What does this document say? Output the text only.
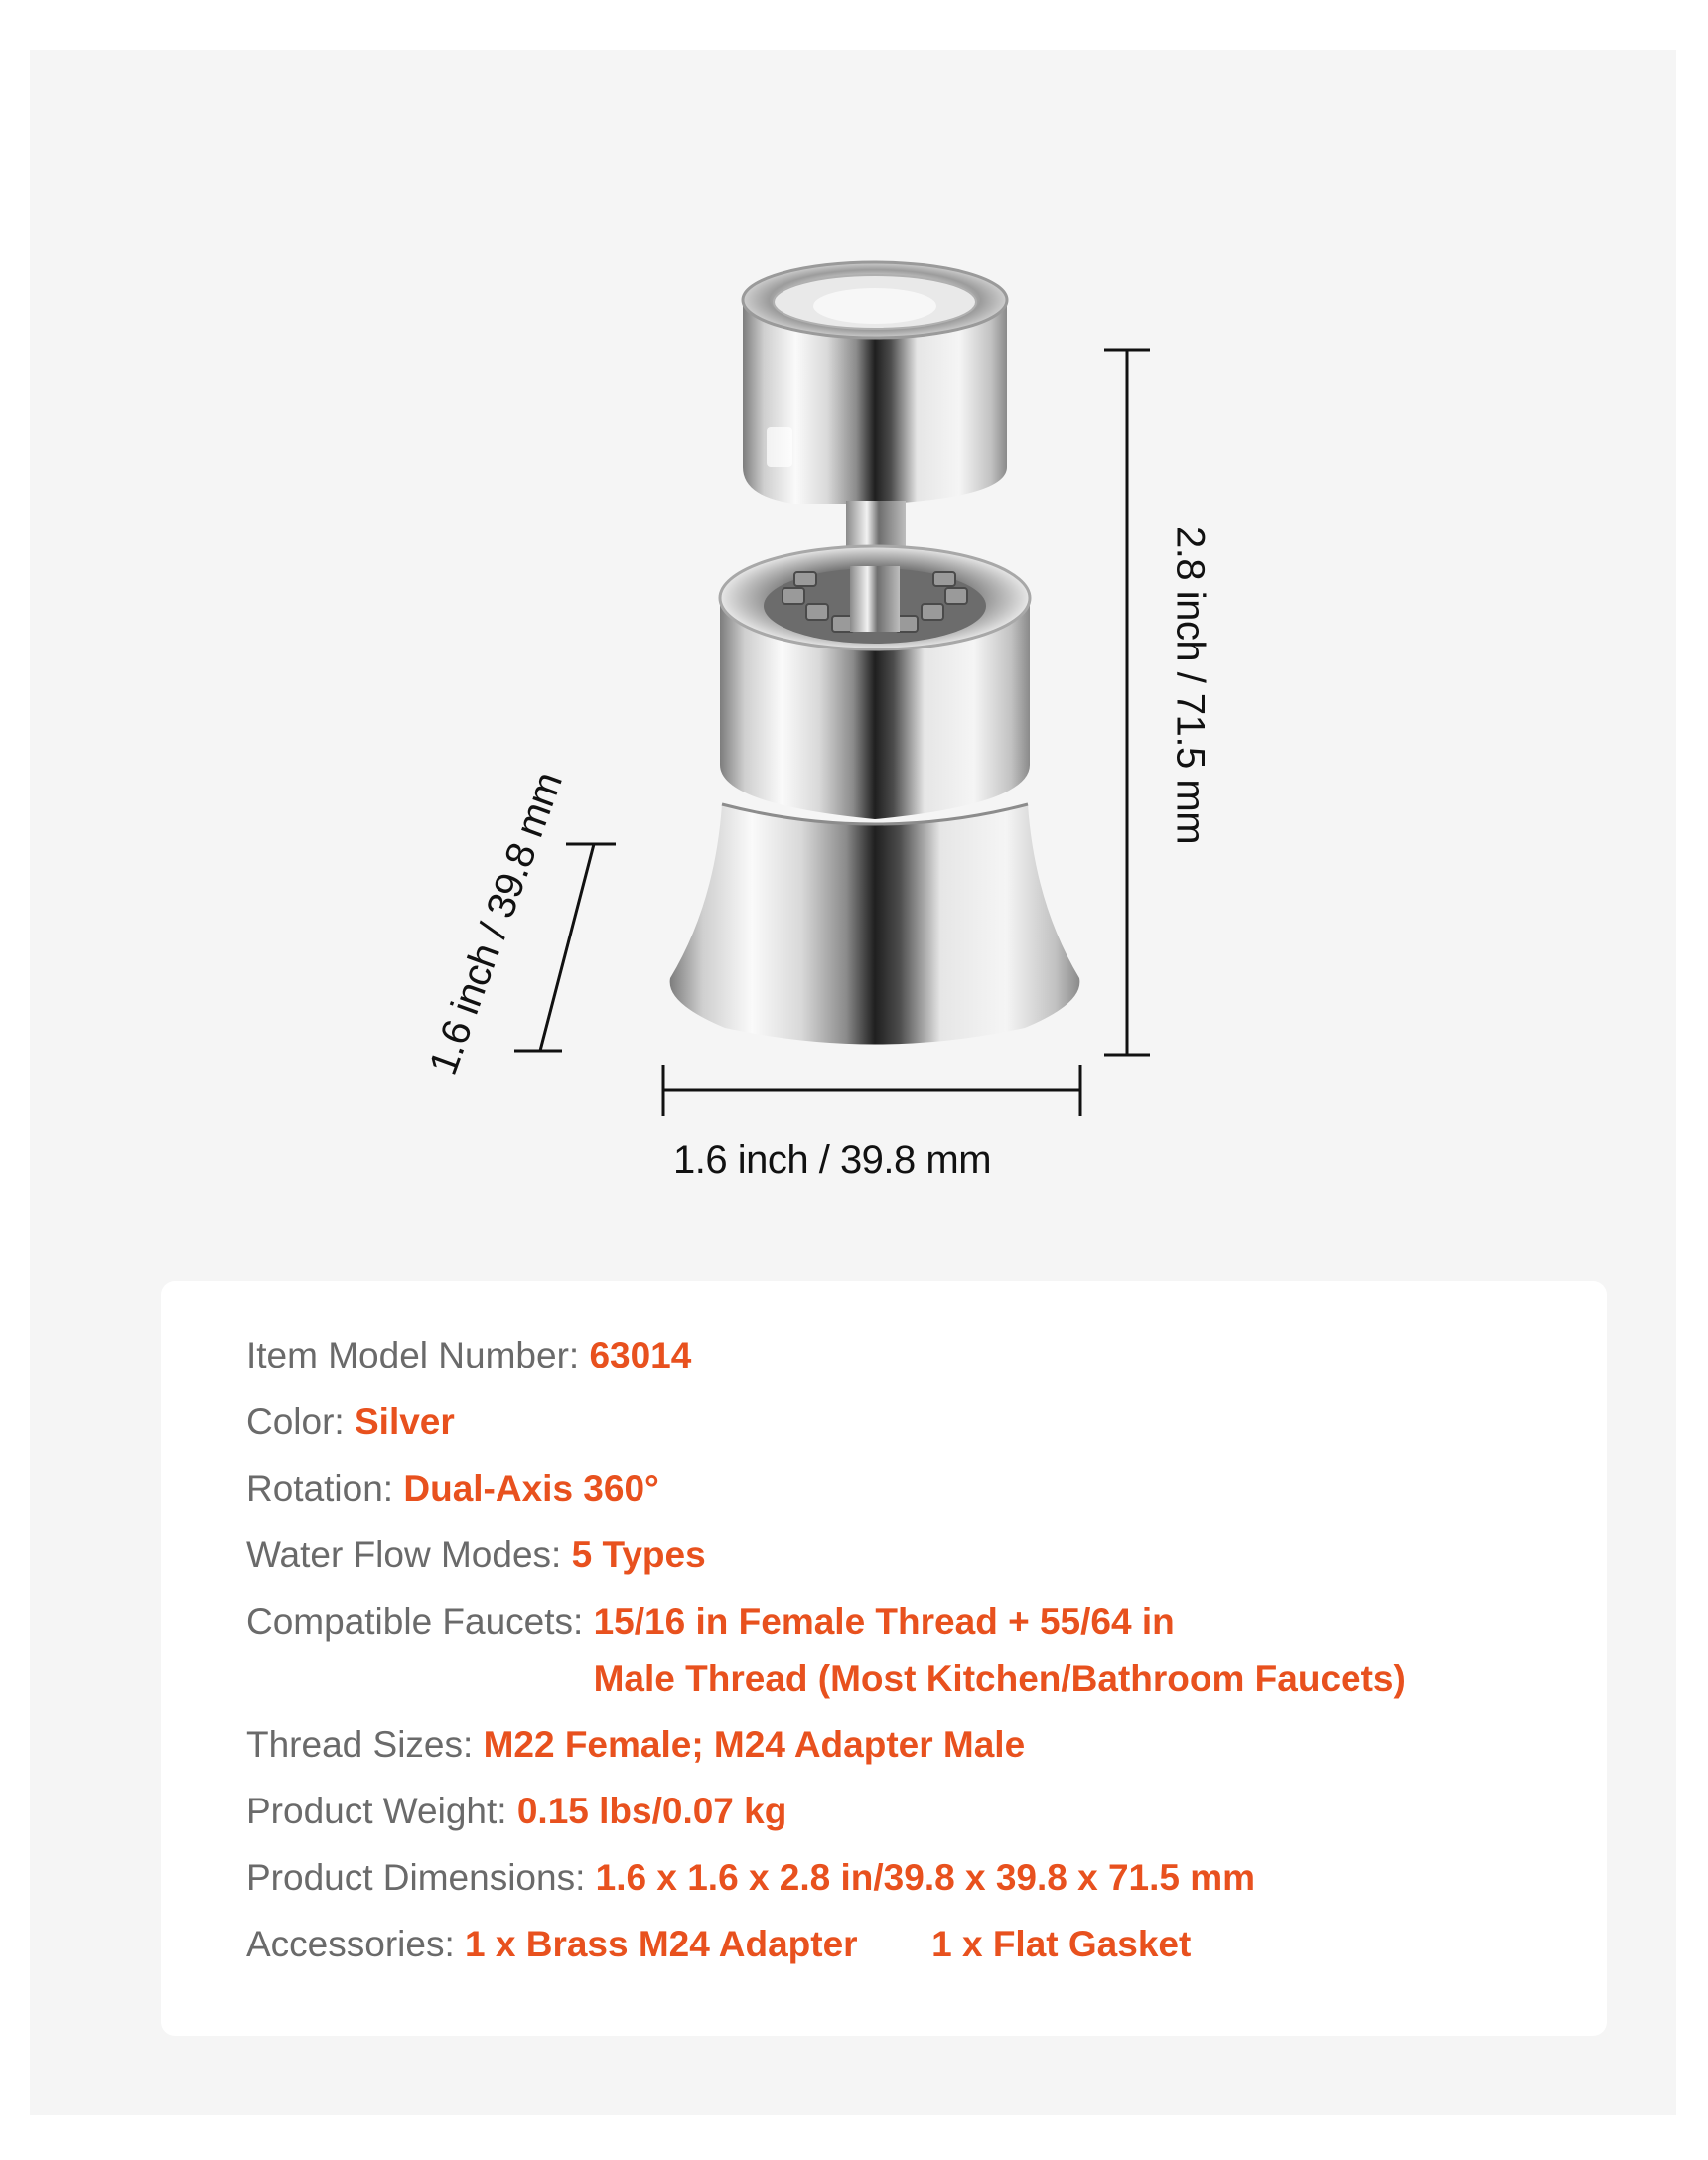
1.6 inch / 39.8 mm
2.8 inch / 71.5 mm
1.6 inch / 39.8 mm
Item Model Number: 63014
Color: Silver
Rotation: Dual-Axis 360°
Water Flow Modes: 5 Types
Compatible Faucets: 15/16 in Female Thread + 55/64 in
Male Thread (Most Kitchen/Bathroom Faucets)
Thread Sizes: M22 Female; M24 Adapter Male
Product Weight: 0.15 lbs/0.07 kg
Product Dimensions: 1.6 x 1.6 x 2.8 in/39.8 x 39.8 x 71.5 mm
Accessories: 1 x Brass M24 Adapter 1 x Flat Gasket
